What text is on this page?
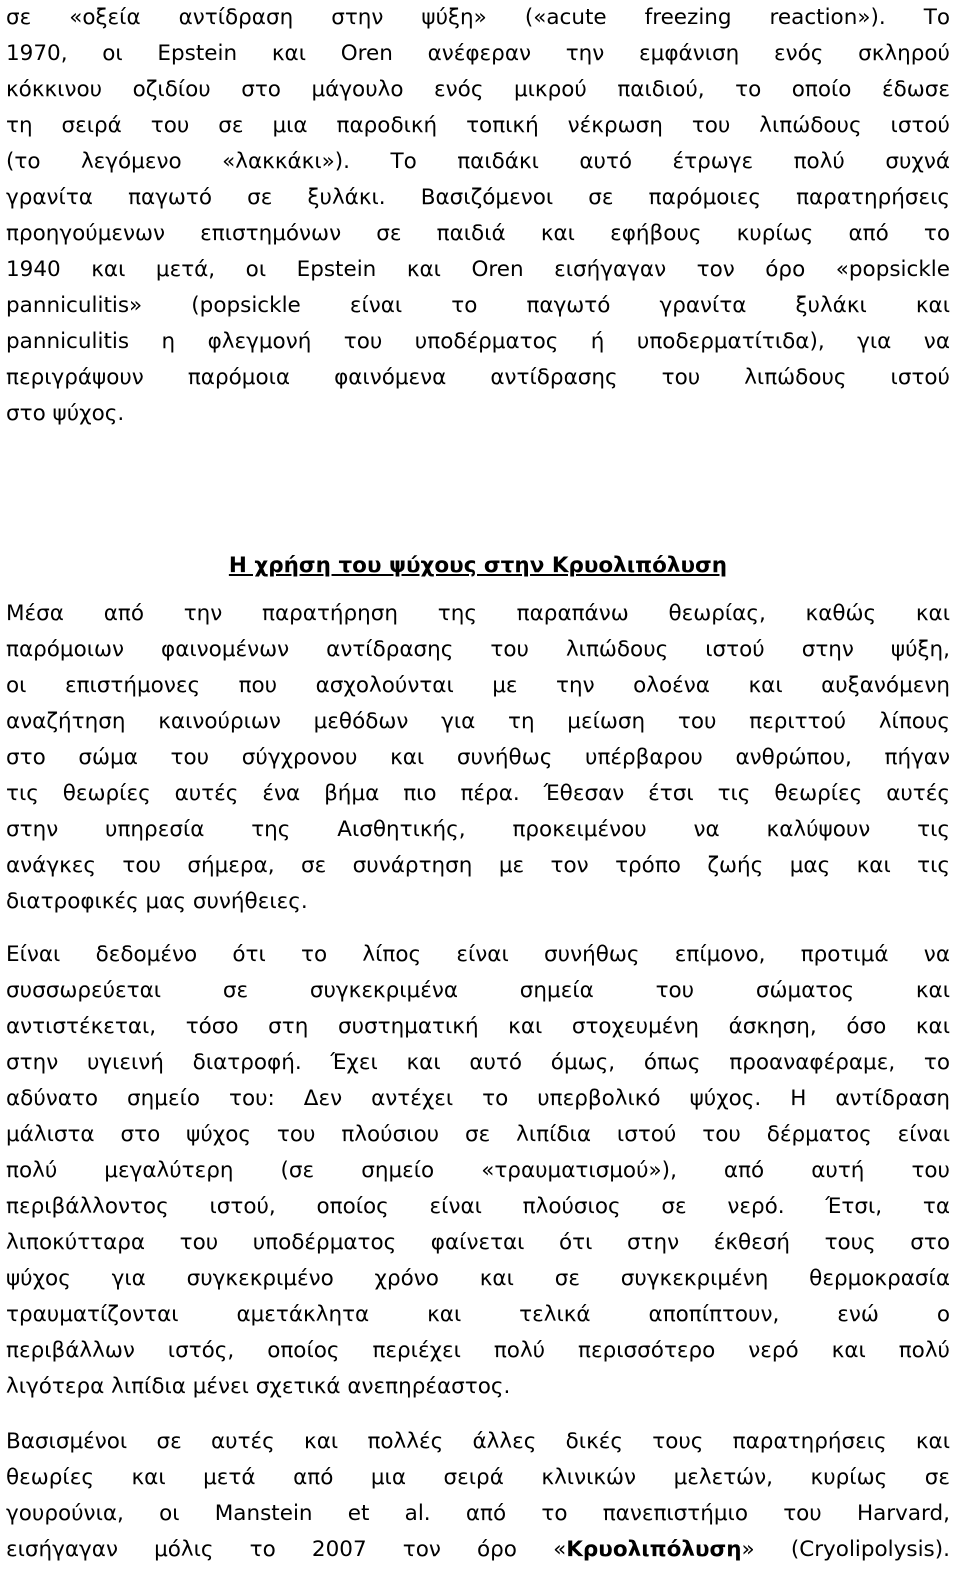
σε «οξεία αντίδραση στην ψύξη» («acute freezing reaction»). Το
1970, οι Epstein και Oren ανέφεραν την εμφάνιση ενός σκληρού
κόκκινου οζιδίου στο μάγουλο ενός μικρού παιδιού, το οποίο έδωσε
τη σειρά του σε μια παροδική τοπική νέκρωση του λιπώδους ιστού
(το λεγόμενο «λακκάκι»). Το παιδάκι αυτό έτρωγε πολύ συχνά
γρανίτα παγωτό σε ξυλάκι. Βασιζόμενοι σε παρόμοιες παρατηρήσεις
προηγούμενων επιστημόνων σε παιδιά και εφήβους κυρίως από το
1940 και μετά, οι Epstein και Oren εισήγαγαν τον όρο «popsickle
panniculitis» (popsickle είναι το παγωτό γρανίτα ξυλάκι και
panniculitis η φλεγμονή του υποδέρματος ή υποδερματίτιδα), για να
περιγράψουν παρόμοια φαινόμενα αντίδρασης του λιπώδους ιστού
στο ψύχος.
Η χρήση του ψύχους στην Κρυολιπόλυση
Μέσα από την παρατήρηση της παραπάνω θεωρίας, καθώς και
παρόμοιων φαινομένων αντίδρασης του λιπώδους ιστού στην ψύξη,
οι επιστήμονες που ασχολούνται με την ολοένα και αυξανόμενη
αναζήτηση καινούριων μεθόδων για τη μείωση του περιττού λίπους
στο σώμα του σύγχρονου και συνήθως υπέρβαρου ανθρώπου, πήγαν
τις θεωρίες αυτές ένα βήμα πιο πέρα. Έθεσαν έτσι τις θεωρίες αυτές
στην υπηρεσία της Αισθητικής, προκειμένου να καλύψουν τις
ανάγκες του σήμερα, σε συνάρτηση με τον τρόπο ζωής μας και τις
διατροφικές μας συνήθειες.
Είναι δεδομένο ότι το λίπος είναι συνήθως επίμονο, προτιμά να
συσσωρεύεται σε συγκεκριμένα σημεία του σώματος και
αντιστέκεται, τόσο στη συστηματική και στοχευμένη άσκηση, όσο και
στην υγιεινή διατροφή. Έχει και αυτό όμως, όπως προαναφέραμε, το
αδύνατο σημείο του: Δεν αντέχει το υπερβολικό ψύχος. Η αντίδραση
μάλιστα στο ψύχος του πλούσιου σε λιπίδια ιστού του δέρματος είναι
πολύ μεγαλύτερη (σε σημείο «τραυματισμού»), από αυτή του
περιβάλλοντος ιστού, οποίος είναι πλούσιος σε νερό. Έτσι, τα
λιποκύτταρα του υποδέρματος φαίνεται ότι στην έκθεσή τους στο
ψύχος για συγκεκριμένο χρόνο και σε συγκεκριμένη θερμοκρασία
τραυματίζονται αμετάκλητα και τελικά αποπίπτουν, ενώ ο
περιβάλλων ιστός, οποίος περιέχει πολύ περισσότερο νερό και πολύ
λιγότερα λιπίδια μένει σχετικά ανεπηρέαστος.
Βασισμένοι σε αυτές και πολλές άλλες δικές τους παρατηρήσεις και
θεωρίες και μετά από μια σειρά κλινικών μελετών, κυρίως σε
γουρούνια, οι Manstein et al. από το πανεπιστήμιο του Harvard,
εισήγαγαν μόλις το 2007 τον όρο «Κρυολιπόλυση» (Cryolipolysis).
